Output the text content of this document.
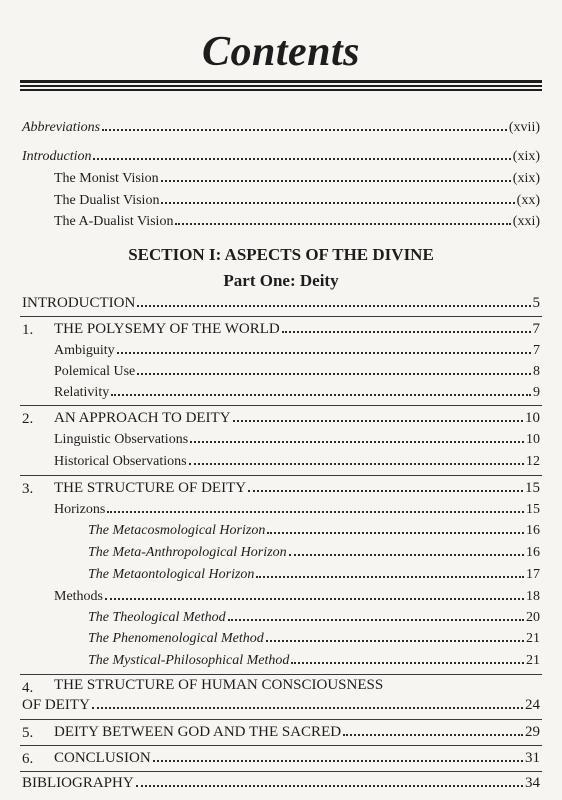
Contents
Abbreviations	(xvii)
Introduction	(xix)
The Monist Vision	(xix)
The Dualist Vision	(xx)
The A-Dualist Vision	(xxi)
SECTION I: ASPECTS OF THE DIVINE
Part One: Deity
INTRODUCTION	5
1. THE POLYSEMY OF THE WORLD	7
Ambiguity	7
Polemical Use	8
Relativity	9
2. AN APPROACH TO DEITY	10
Linguistic Observations	10
Historical Observations	12
3. THE STRUCTURE OF DEITY	15
Horizons	15
The Metacosmological Horizon	16
The Meta-Anthropological Horizon	16
The Metaontological Horizon	17
Methods	18
The Theological Method	20
The Phenomenological Method	21
The Mystical-Philosophical Method	21
4. THE STRUCTURE OF HUMAN CONSCIOUSNESS
OF DEITY	24
5. DEITY BETWEEN GOD AND THE SACRED	29
6. CONCLUSION	31
BIBLIOGRAPHY	34
